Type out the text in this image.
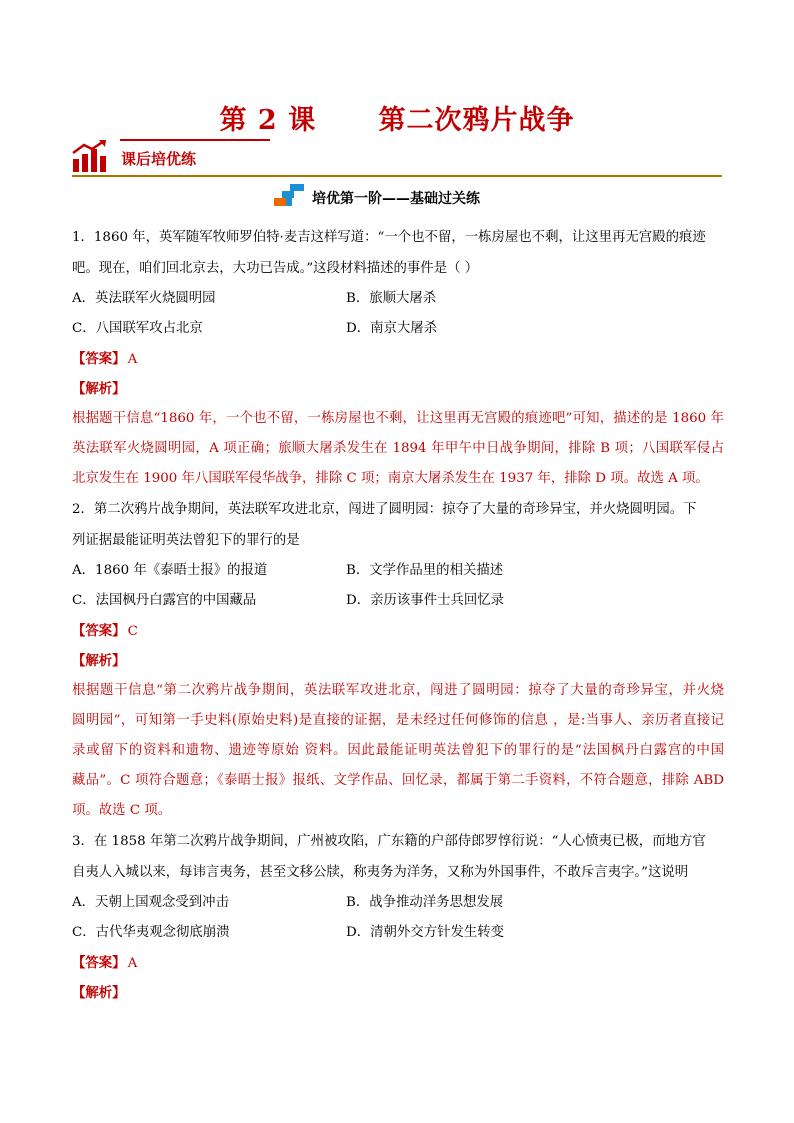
第 2 课      第二次鸦片战争
课后培优练
培优第一阶——基础过关练
1．1860 年，英军随军牧师罗伯特·麦吉这样写道：“一个也不留，一栋房屋也不剩，让这里再无宫殿的痕迹
吧。现在，咱们回北京去，大功已告成。”这段材料描述的事件是（ ）
A．英法联军火烧圆明园	B．旅顺大屠杀
C．八国联军攻占北京	D．南京大屠杀
【答案】 A
【解析】
根据题干信息“1860 年，一个也不留，一栋房屋也不剩，让这里再无宫殿的痕迹吧”可知，描述的是 1860 年
英法联军火烧圆明园，A 项正确；旅顺大屠杀发生在 1894 年甲午中日战争期间，排除 B 项；八国联军侵占
北京发生在 1900 年八国联军侵华战争，排除 C 项；南京大屠杀发生在 1937 年，排除 D 项。故选 A 项。
2．第二次鸦片战争期间，英法联军攻进北京，闯进了圆明园：掠夺了大量的奇珍异宝，并火烧圆明园。下
列证据最能证明英法曾犯下的罪行的是
A．1860 年《泰晤士报》的报道	B．文学作品里的相关描述
C．法国枫丹白露宫的中国藏品	D．亲历该事件士兵回忆录
【答案】 C
【解析】
根据题干信息“第二次鸦片战争期间，英法联军攻进北京，闯进了圆明园：掠夺了大量的奇珍异宝，并火烧
圆明园”，可知第一手史料(原始史料)是直接的证据，是未经过任何修饰的信息 ，是:当事人、亲历者直接记
录或留下的资料和遗物、遗迹等原始 资料。因此最能证明英法曾犯下的罪行的是“法国枫丹白露宫的中国
藏品”。C 项符合题意；《泰晤士报》报纸、文学作品、回忆录，都属于第二手资料，不符合题意，排除 ABD
项。故选 C 项。
3．在 1858 年第二次鸦片战争期间，广州被攻陷，广东籍的户部侍郎罗惇衍说：“人心愤夷已极，而地方官
自夷人入城以来，每讳言夷务，甚至文移公牍，称夷务为洋务，又称为外国事件，不敢斥言夷字。”这说明
A．天朝上国观念受到冲击	B．战争推动洋务思想发展
C．古代华夷观念彻底崩溃	D．清朝外交方针发生转变
【答案】 A
【解析】
